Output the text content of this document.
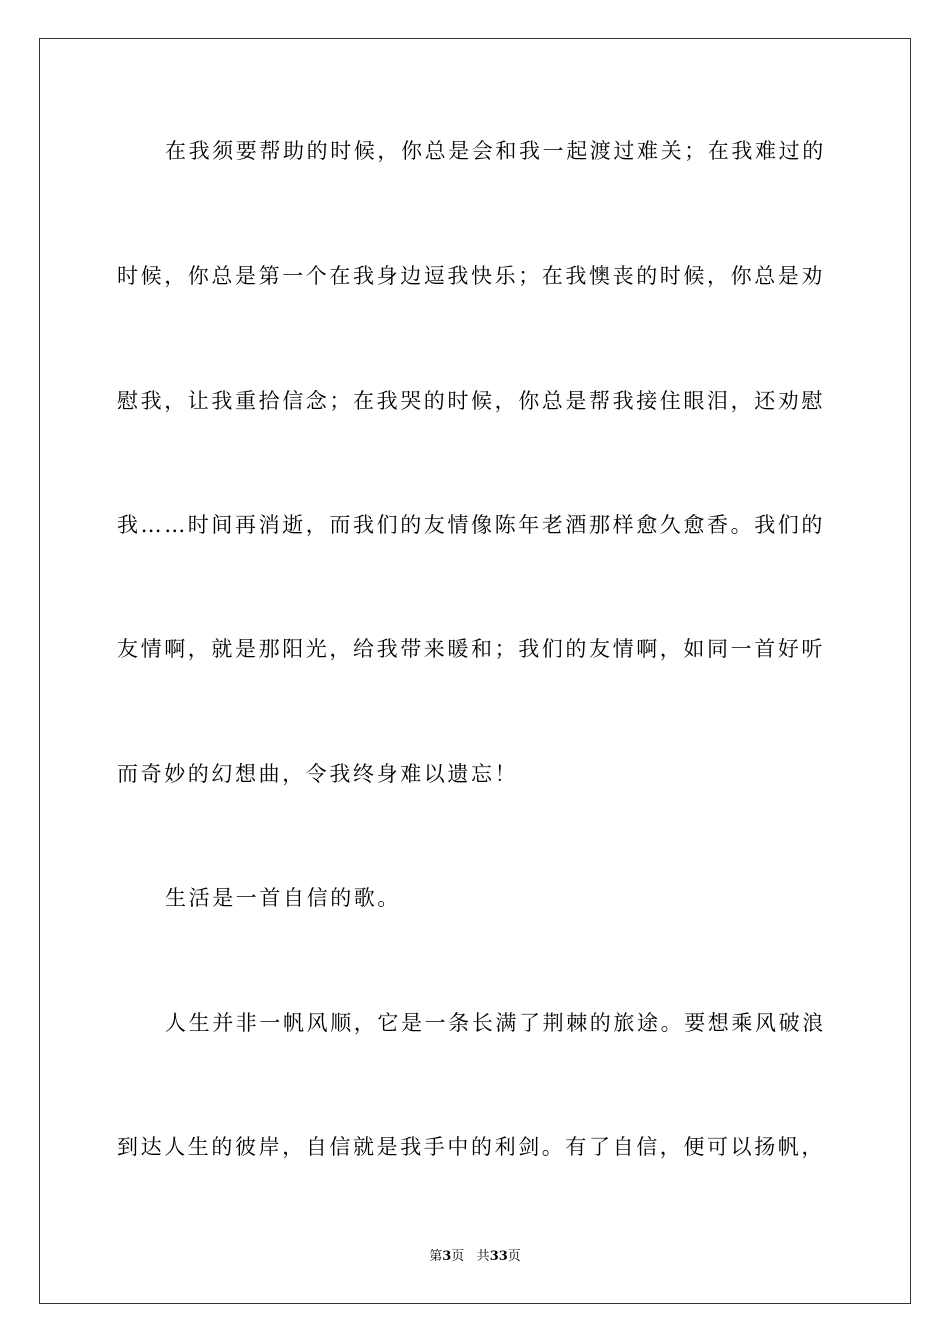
在我须要帮助的时候，你总是会和我一起渡过难关；在我难过的
时候，你总是第一个在我身边逗我快乐；在我懊丧的时候，你总是劝
慰我，让我重拾信念；在我哭的时候，你总是帮我接住眼泪，还劝慰
我……时间再消逝，而我们的友情像陈年老酒那样愈久愈香。我们的
友情啊，就是那阳光，给我带来暖和；我们的友情啊，如同一首好听
而奇妙的幻想曲，令我终身难以遗忘！
生活是一首自信的歌。
人生并非一帆风顺，它是一条长满了荆棘的旅途。要想乘风破浪
到达人生的彼岸，自信就是我手中的利剑。有了自信，便可以扬帆，
第3页 共33页
